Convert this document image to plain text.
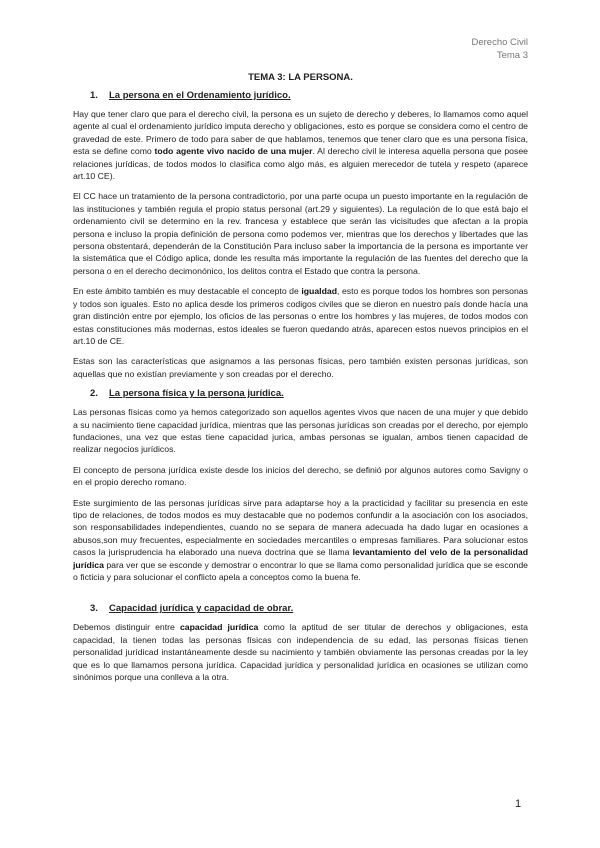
Derecho Civil
Tema 3
TEMA 3: LA PERSONA.
1.	La persona en el Ordenamiento jurídico.

Hay que tener claro que para el derecho civil, la persona es un sujeto de derecho y deberes, lo llamamos como aquel agente al cual el ordenamiento jurídico imputa derecho y obligaciones, esto es porque se considera como el centro de gravedad de este. Primero de todo para saber de que hablamos, tenemos que tener claro que es una persona física, esta se define como todo agente vivo nacido de una mujer. Al derecho civil le interesa aquella persona que posee relaciones jurídicas, de todos modos lo clasifica como algo más, es alguien merecedor de tutela y respeto (aparece art.10 CE).

El CC hace un tratamiento de la persona contradictorio, por una parte ocupa un puesto importante en la regulación de las instituciones y también regula el propio status personal (art.29 y siguientes). La regulación de lo que está bajo el ordenamiento civil se determino en la rev. francesa y establece que serán las vicisitudes que afectan a la propia persona e incluso la propia definición de persona como podemos ver, mientras que los derechos y libertades que las persona obstentará, dependerán de la Constitución Para incluso saber la importancia de la persona es importante ver la sistemática que el Código aplica, donde les resulta más importante la regulación de las fuentes del derecho que la persona o en el derecho decimonónico, los delitos contra el Estado que contra la persona.

En este ámbito también es muy destacable el concepto de igualdad, esto es porque todos los hombres son personas y todos son iguales. Esto no aplica desde los primeros codigos civiles que se dieron en nuestro país donde hacía una gran distinción entre por ejemplo, los oficios de las personas o entre los hombres y las mujeres, de todos modos con estas constituciones más modernas, estos ideales se fueron quedando atrás, aparecen estos nuevos principios en el art.10 de CE.

Estas son las características que asignamos a las personas físicas, pero también existen personas jurídicas, son aquellas que no existían previamente y son creadas por el derecho.

2.	La persona física y la persona jurídica.

Las personas físicas como ya hemos categorizado son aquellos agentes vivos que nacen de una mujer y que debido a su nacimiento tiene capacidad jurídica, mientras que las personas jurídicas son creadas por el derecho, por ejemplo fundaciones, una vez que estas tiene capacidad jurica, ambas personas se igualan, ambos tienen capacidad de realizar negocios jurídicos.

El concepto de persona jurídica existe desde los inicios del derecho, se definió por algunos autores como Savigny o en el propio derecho romano.

Este surgimiento de las personas jurídicas sirve para adaptarse hoy a la practicidad y facilitar su presencia en este tipo de relaciones, de todos modos es muy destacable que no podemos confundir a la asociación con los asociados, son responsabilidades independientes, cuando no se separa de manera adecuada ha dado lugar en ocasiones a abusos,son muy frecuentes, especialmente en sociedades mercantiles o empresas familiares. Para solucionar estos casos la jurisprudencia ha elaborado una nueva doctrina que se llama levantamiento del velo de la personalidad jurídica para ver que se esconde y demostrar o encontrar lo que se llama como personalidad jurídica que se esconde o ficticia y para solucionar el conflicto apela a conceptos como la buena fe.

3.	Capacidad jurídica y capacidad de obrar.

Debemos distinguir entre capacidad jurídica como la aptitud de ser titular de derechos y obligaciones, esta capacidad, la tienen todas las personas físicas con independencia de su edad, las personas físicas tienen personalidad jurídicad instantáneamente desde su nacimiento y también obviamente las personas creadas por la ley que es lo que llamamos persona jurídica. Capacidad jurídica y personalidad jurídica en ocasiones se utilizan como sinónimos porque una conlleva a la otra.

1
